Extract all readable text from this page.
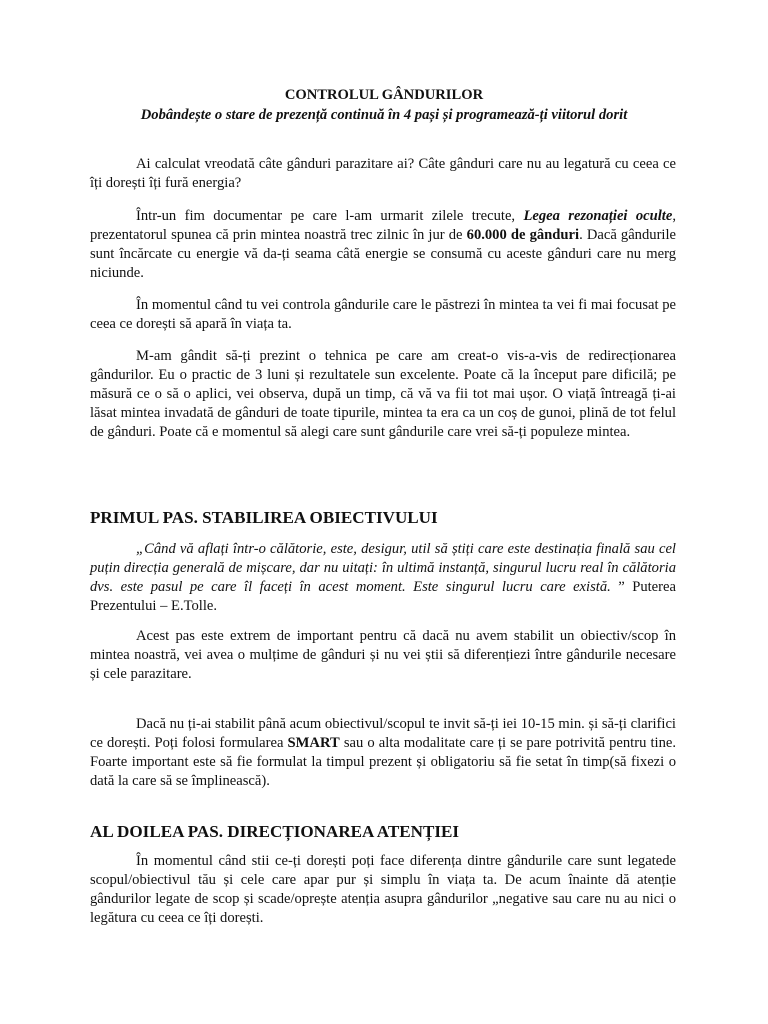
CONTROLUL GÂNDURILOR
Dobândește o stare de prezență continuă în 4 pași și programează-ți viitorul dorit

Ai calculat vreodată câte gânduri parazitare ai? Câte gânduri care nu au legatură cu ceea ce îți dorești îți fură energia?

Într-un fim documentar pe care l-am urmarit zilele trecute, Legea rezonației oculte, prezentatorul spunea că prin mintea noastră trec zilnic în jur de 60.000 de gânduri. Dacă gândurile sunt încărcate cu energie vă da-ți seama câtă energie se consumă cu aceste gânduri care nu merg niciunde.

În momentul când tu vei controla gândurile care le păstrezi în mintea ta vei fi mai focusat pe ceea ce dorești să apară în viața ta.

M-am gândit să-ți prezint o tehnica pe care am creat-o vis-a-vis de redirecționarea gândurilor. Eu o practic de 3 luni și rezultatele sun excelente. Poate că la început pare dificilă; pe măsură ce o să o aplici, vei observa, după un timp, că vă va fii tot mai ușor. O viață întreagă ți-ai lăsat mintea invadată de gânduri de toate tipurile, mintea ta era ca un coș de gunoi, plină de tot felul de gânduri. Poate că e momentul să alegi care sunt gândurile care vrei să-ți populeze mintea.

PRIMUL PAS. STABILIREA OBIECTIVULUI

„Când vă aflați într-o călătorie, este, desigur, util să știți care este destinația finală sau cel puțin direcția generală de mișcare, dar nu uitați: în ultimă instanță, singurul lucru real în călătoria dvs. este pasul pe care îl faceți în acest moment. Este singurul lucru care există. ” Puterea Prezentului – E.Tolle.

Acest pas este extrem de important pentru că dacă nu avem stabilit un obiectiv/scop în mintea noastră, vei avea o mulțime de gânduri și nu vei știi să diferențiezi între gândurile necesare și cele parazitare.

Dacă nu ți-ai stabilit până acum obiectivul/scopul te invit să-ți iei 10-15 min. și să-ți clarifici ce dorești. Poți folosi formularea SMART sau o alta modalitate care ți se pare potrivită pentru tine. Foarte important este să fie formulat la timpul prezent și obligatoriu să fie setat în timp(să fixezi o dată la care să se împlinească).

AL DOILEA PAS. DIRECȚIONAREA ATENȚIEI

În momentul când stii ce-ți dorești poți face diferența dintre gândurile care sunt legatede scopul/obiectivul tău și cele care apar pur și simplu în viața ta. De acum înainte dă atenție gândurilor legate de scop și scade/oprește atenția asupra gândurilor „negative sau care nu au nici o legătura cu ceea ce îți dorești.
